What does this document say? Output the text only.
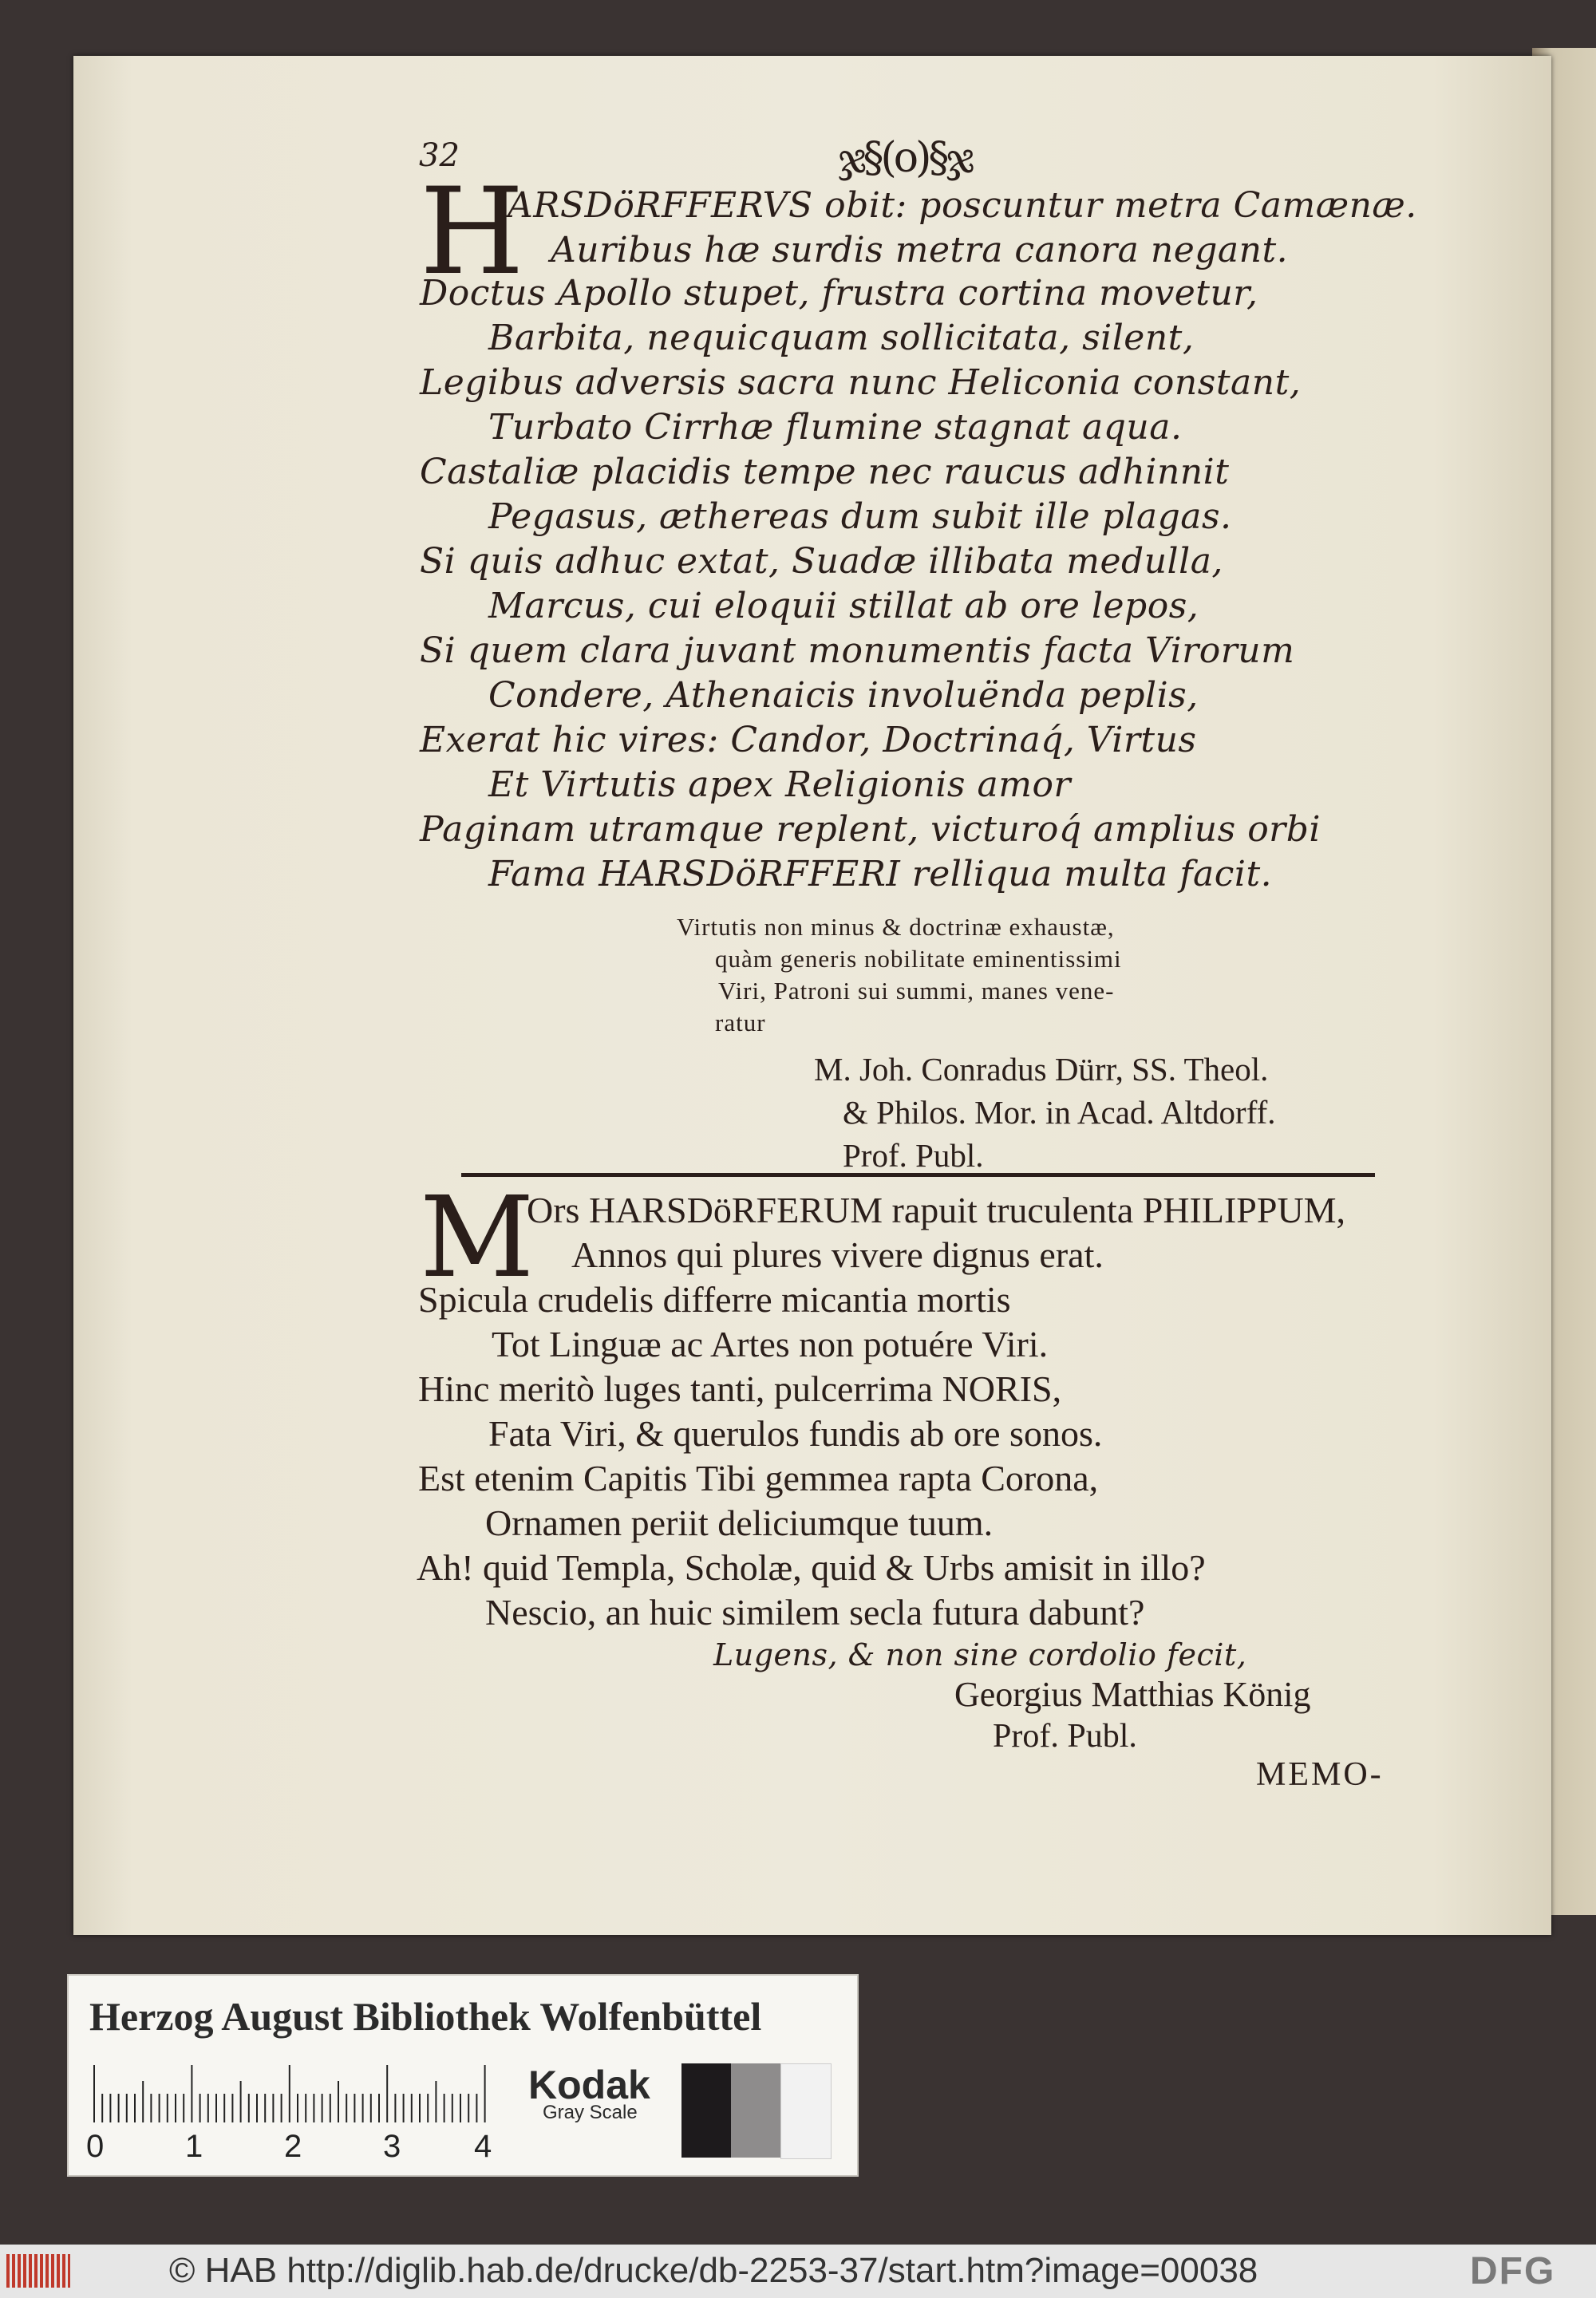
32	ჯ§(o)§ჯ
H
ARSDöRFFERVS obit: poscuntur metra Camænæ.
Auribus hæ surdis metra canora negant.
Doctus Apollo stupet, frustra cortina movetur,
Barbita, nequicquam sollicitata, silent,
Legibus adversis sacra nunc Heliconia constant,
Turbato Cirrhæ flumine stagnat aqua.
Castaliæ placidis tempe nec raucus adhinnit
Pegasus, æthereas dum subit ille plagas.
Si quis adhuc extat, Suadæ illibata medulla,
Marcus, cui eloquii stillat ab ore lepos,
Si quem clara juvant monumentis facta Virorum
Condere, Athenaicis involuënda peplis,
Exerat hic vires: Candor, Doctrinaq́, Virtus
Et Virtutis apex Religionis amor
Paginam utramque replent, victuroq́ amplius orbi
Fama HARSDöRFFERI relliqua multa facit.
Virtutis non minus & doctrinæ exhaustæ,
quàm generis nobilitate eminentissimi
Viri, Patroni sui summi, manes vene-
ratur
M. Joh. Conradus Dürr, SS. Theol.
& Philos. Mor. in Acad. Altdorff.
Prof. Publ.
M
Ors HARSDöRFERUM rapuit truculenta PHILIPPUM,
Annos qui plures vivere dignus erat.
Spicula crudelis differre micantia mortis
Tot Linguæ ac Artes non potuére Viri.
Hinc meritò luges tanti, pulcerrima NORIS,
Fata Viri, & querulos fundis ab ore sonos.
Est etenim Capitis Tibi gemmea rapta Corona,
Ornamen periit deliciumque tuum.
Ah! quid Templa, Scholæ, quid & Urbs amisit in illo?
Nescio, an huic similem secla futura dabunt?
Lugens, & non sine cordolio fecit,
Georgius Matthias König
Prof. Publ.
MEMO-
Herzog August Bibliothek Wolfenbüttel
0	1	2	3 4
Kodak
Gray Scale
© HAB http://diglib.hab.de/drucke/db-2253-37/start.htm?image=00038	DFG
